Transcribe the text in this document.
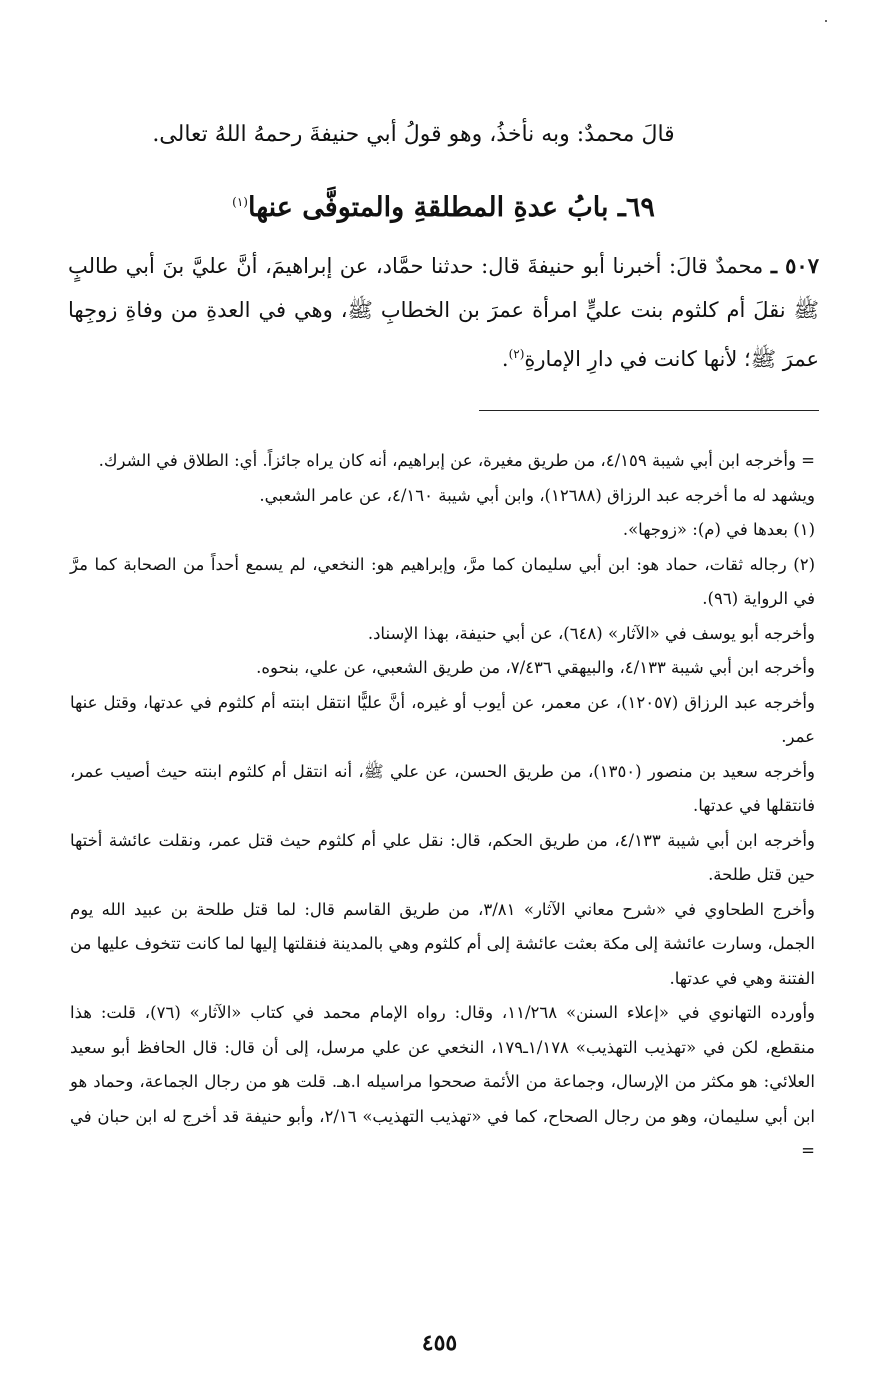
قالَ محمدٌ: وبه نأخذُ، وهو قولُ أبي حنيفةَ رحمهُ اللهُ تعالى.
٦٩ـ بابُ عدةِ المطلقةِ والمتوفَّى عنها$^{(١)}$
٥٠٧ ـ محمدٌ قالَ: أخبرنا أبو حنيفةَ قال: حدثنا حمَّاد، عن إبراهيمَ، أنَّ عليَّ بنَ أبي طالبٍ ﷺ نقلَ أم كلثوم بنت عليٍّ امرأة عمرَ بن الخطابِ ﷺ، وهي في العدةِ من وفاةِ زوجِها عمرَ ﷺ؛ لأنها كانت في دارِ الإمارةِ$^{(٢)}$.

= وأخرجه ابن أبي شيبة ٤/١٥٩، من طريق مغيرة، عن إبراهيم، أنه كان يراه جائزاً. أي: الطلاق في الشرك.

ويشهد له ما أخرجه عبد الرزاق (١٢٦٨٨)، وابن أبي شيبة ٤/١٦٠، عن عامر الشعبي.

(١) بعدها في (م): «زوجها».

(٢) رجاله ثقات، حماد هو: ابن أبي سليمان كما مرَّ، وإبراهيم هو: النخعي، لم يسمع أحداً من الصحابة كما مرَّ في الرواية (٩٦).

وأخرجه أبو يوسف في «الآثار» (٦٤٨)، عن أبي حنيفة، بهذا الإسناد.

وأخرجه ابن أبي شيبة ٤/١٣٣، والبيهقي ٧/٤٣٦، من طريق الشعبي، عن علي، بنحوه.

وأخرجه عبد الرزاق (١٢٠٥٧)، عن معمر، عن أيوب أو غيره، أنَّ عليًّا انتقل ابنته أم كلثوم في عدتها، وقتل عنها عمر.

وأخرجه سعيد بن منصور (١٣٥٠)، من طريق الحسن، عن علي ﷺ، أنه انتقل أم كلثوم ابنته حيث أصيب عمر، فانتقلها في عدتها.

وأخرجه ابن أبي شيبة ٤/١٣٣، من طريق الحكم، قال: نقل علي أم كلثوم حيث قتل عمر، ونقلت عائشة أختها حين قتل طلحة.

وأخرج الطحاوي في «شرح معاني الآثار» ٣/٨١، من طريق القاسم قال: لما قتل طلحة بن عبيد الله يوم الجمل، وسارت عائشة إلى مكة بعثت عائشة إلى أم كلثوم وهي بالمدينة فنقلتها إليها لما كانت تتخوف عليها من الفتنة وهي في عدتها.

وأورده التهانوي في «إعلاء السنن» ١١/٢٦٨، وقال: رواه الإمام محمد في كتاب «الآثار» (٧٦)، قلت: هذا منقطع، لكن في «تهذيب التهذيب» ١/١٧٨ـ١٧٩، النخعي عن علي مرسل، إلى أن قال: قال الحافظ أبو سعيد العلائي: هو مكثر من الإرسال، وجماعة من الأئمة صححوا مراسيله ا.هـ. قلت هو من رجال الجماعة، وحماد هو ابن أبي سليمان، وهو من رجال الصحاح، كما في «تهذيب التهذيب» ٢/١٦، وأبو حنيفة قد أخرج له ابن حبان في =

٤٥٥
